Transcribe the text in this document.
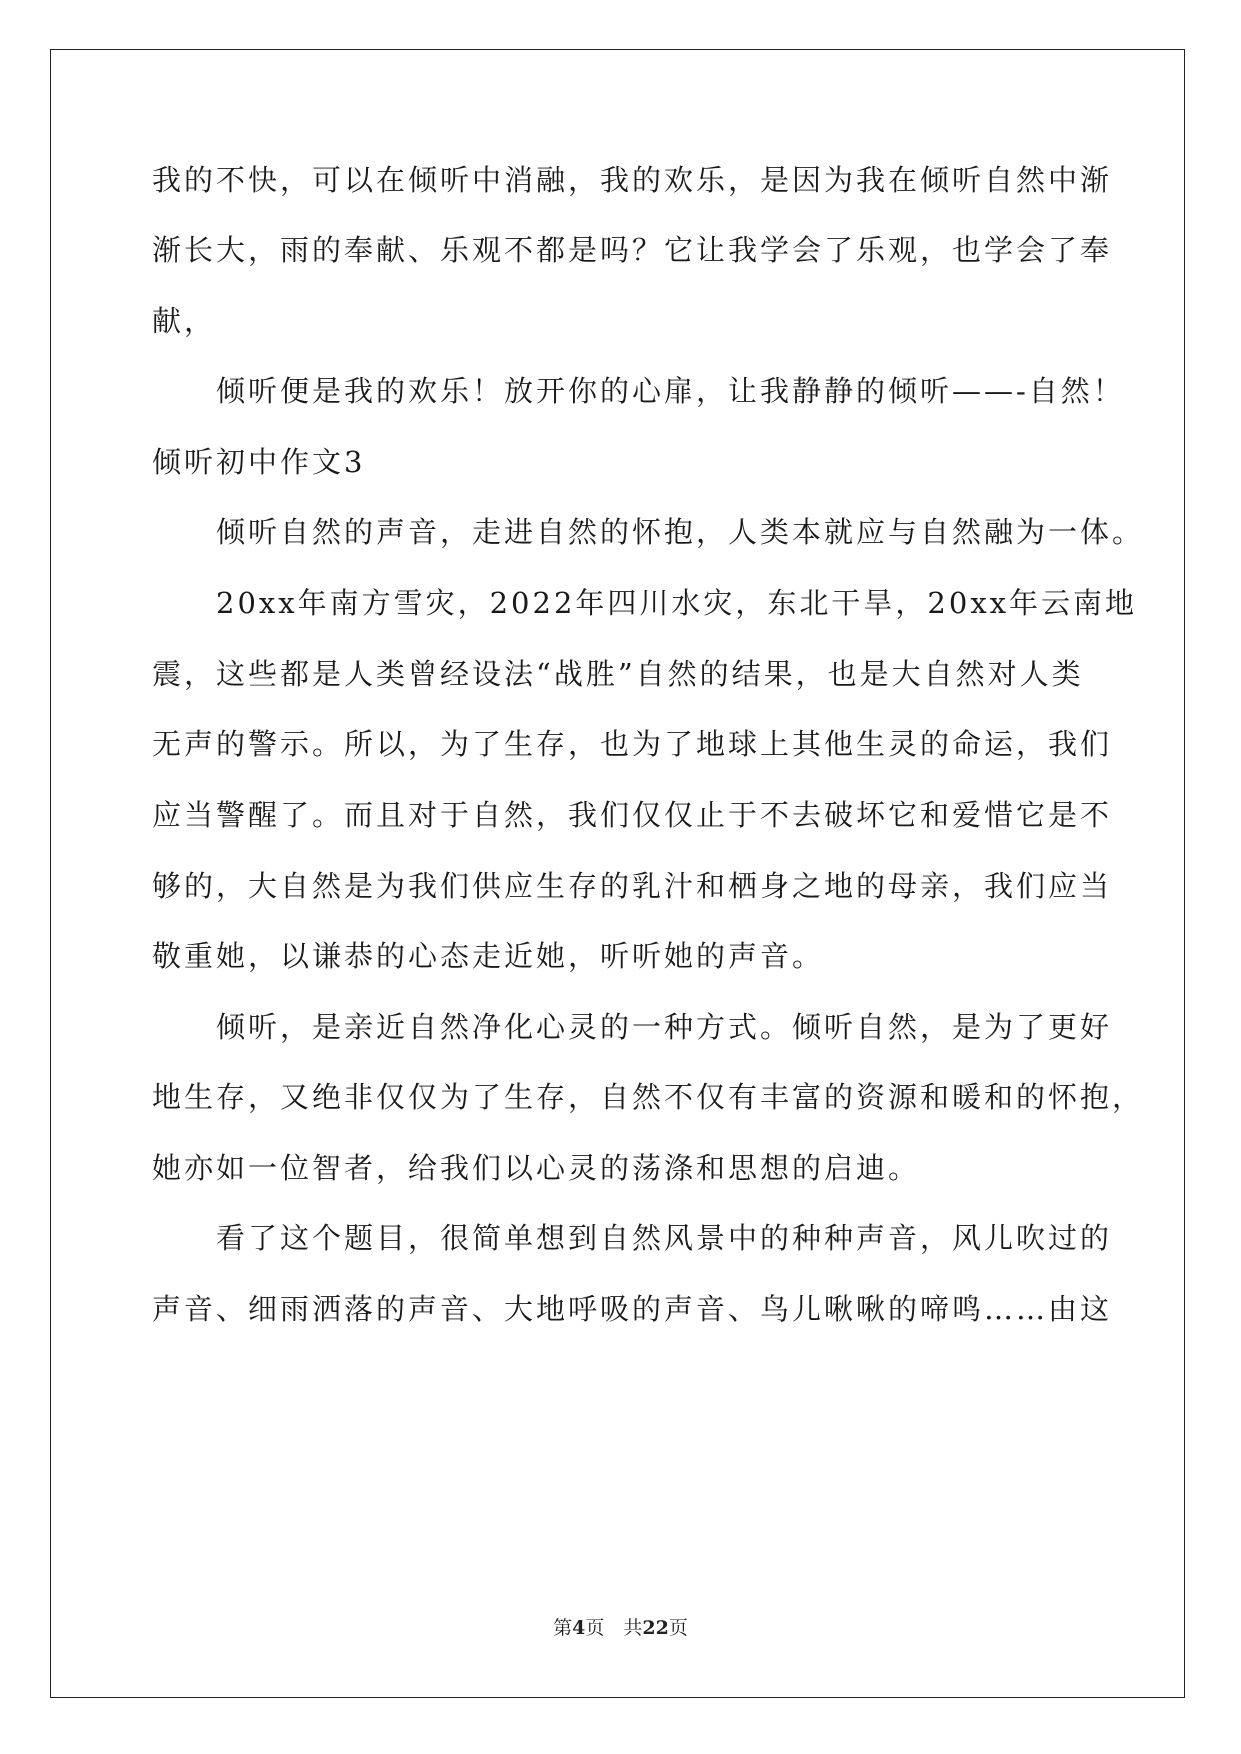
我的不快，可以在倾听中消融，我的欢乐，是因为我在倾听自然中渐
渐长大，雨的奉献、乐观不都是吗？它让我学会了乐观，也学会了奉
献，
　　倾听便是我的欢乐！放开你的心扉，让我静静的倾听——-自然！
倾听初中作文3
　　倾听自然的声音，走进自然的怀抱，人类本就应与自然融为一体。
　　20xx年南方雪灾，2022年四川水灾，东北干旱，20xx年云南地
震，这些都是人类曾经设法“战胜”自然的结果，也是大自然对人类
无声的警示。所以，为了生存，也为了地球上其他生灵的命运，我们
应当警醒了。而且对于自然，我们仅仅止于不去破坏它和爱惜它是不
够的，大自然是为我们供应生存的乳汁和栖身之地的母亲，我们应当
敬重她，以谦恭的心态走近她，听听她的声音。
　　倾听，是亲近自然净化心灵的一种方式。倾听自然，是为了更好
地生存，又绝非仅仅为了生存，自然不仅有丰富的资源和暖和的怀抱，
她亦如一位智者，给我们以心灵的荡涤和思想的启迪。
　　看了这个题目，很简单想到自然风景中的种种声音，风儿吹过的
声音、细雨洒落的声音、大地呼吸的声音、鸟儿啾啾的啼鸣……由这
第4页　共22页
